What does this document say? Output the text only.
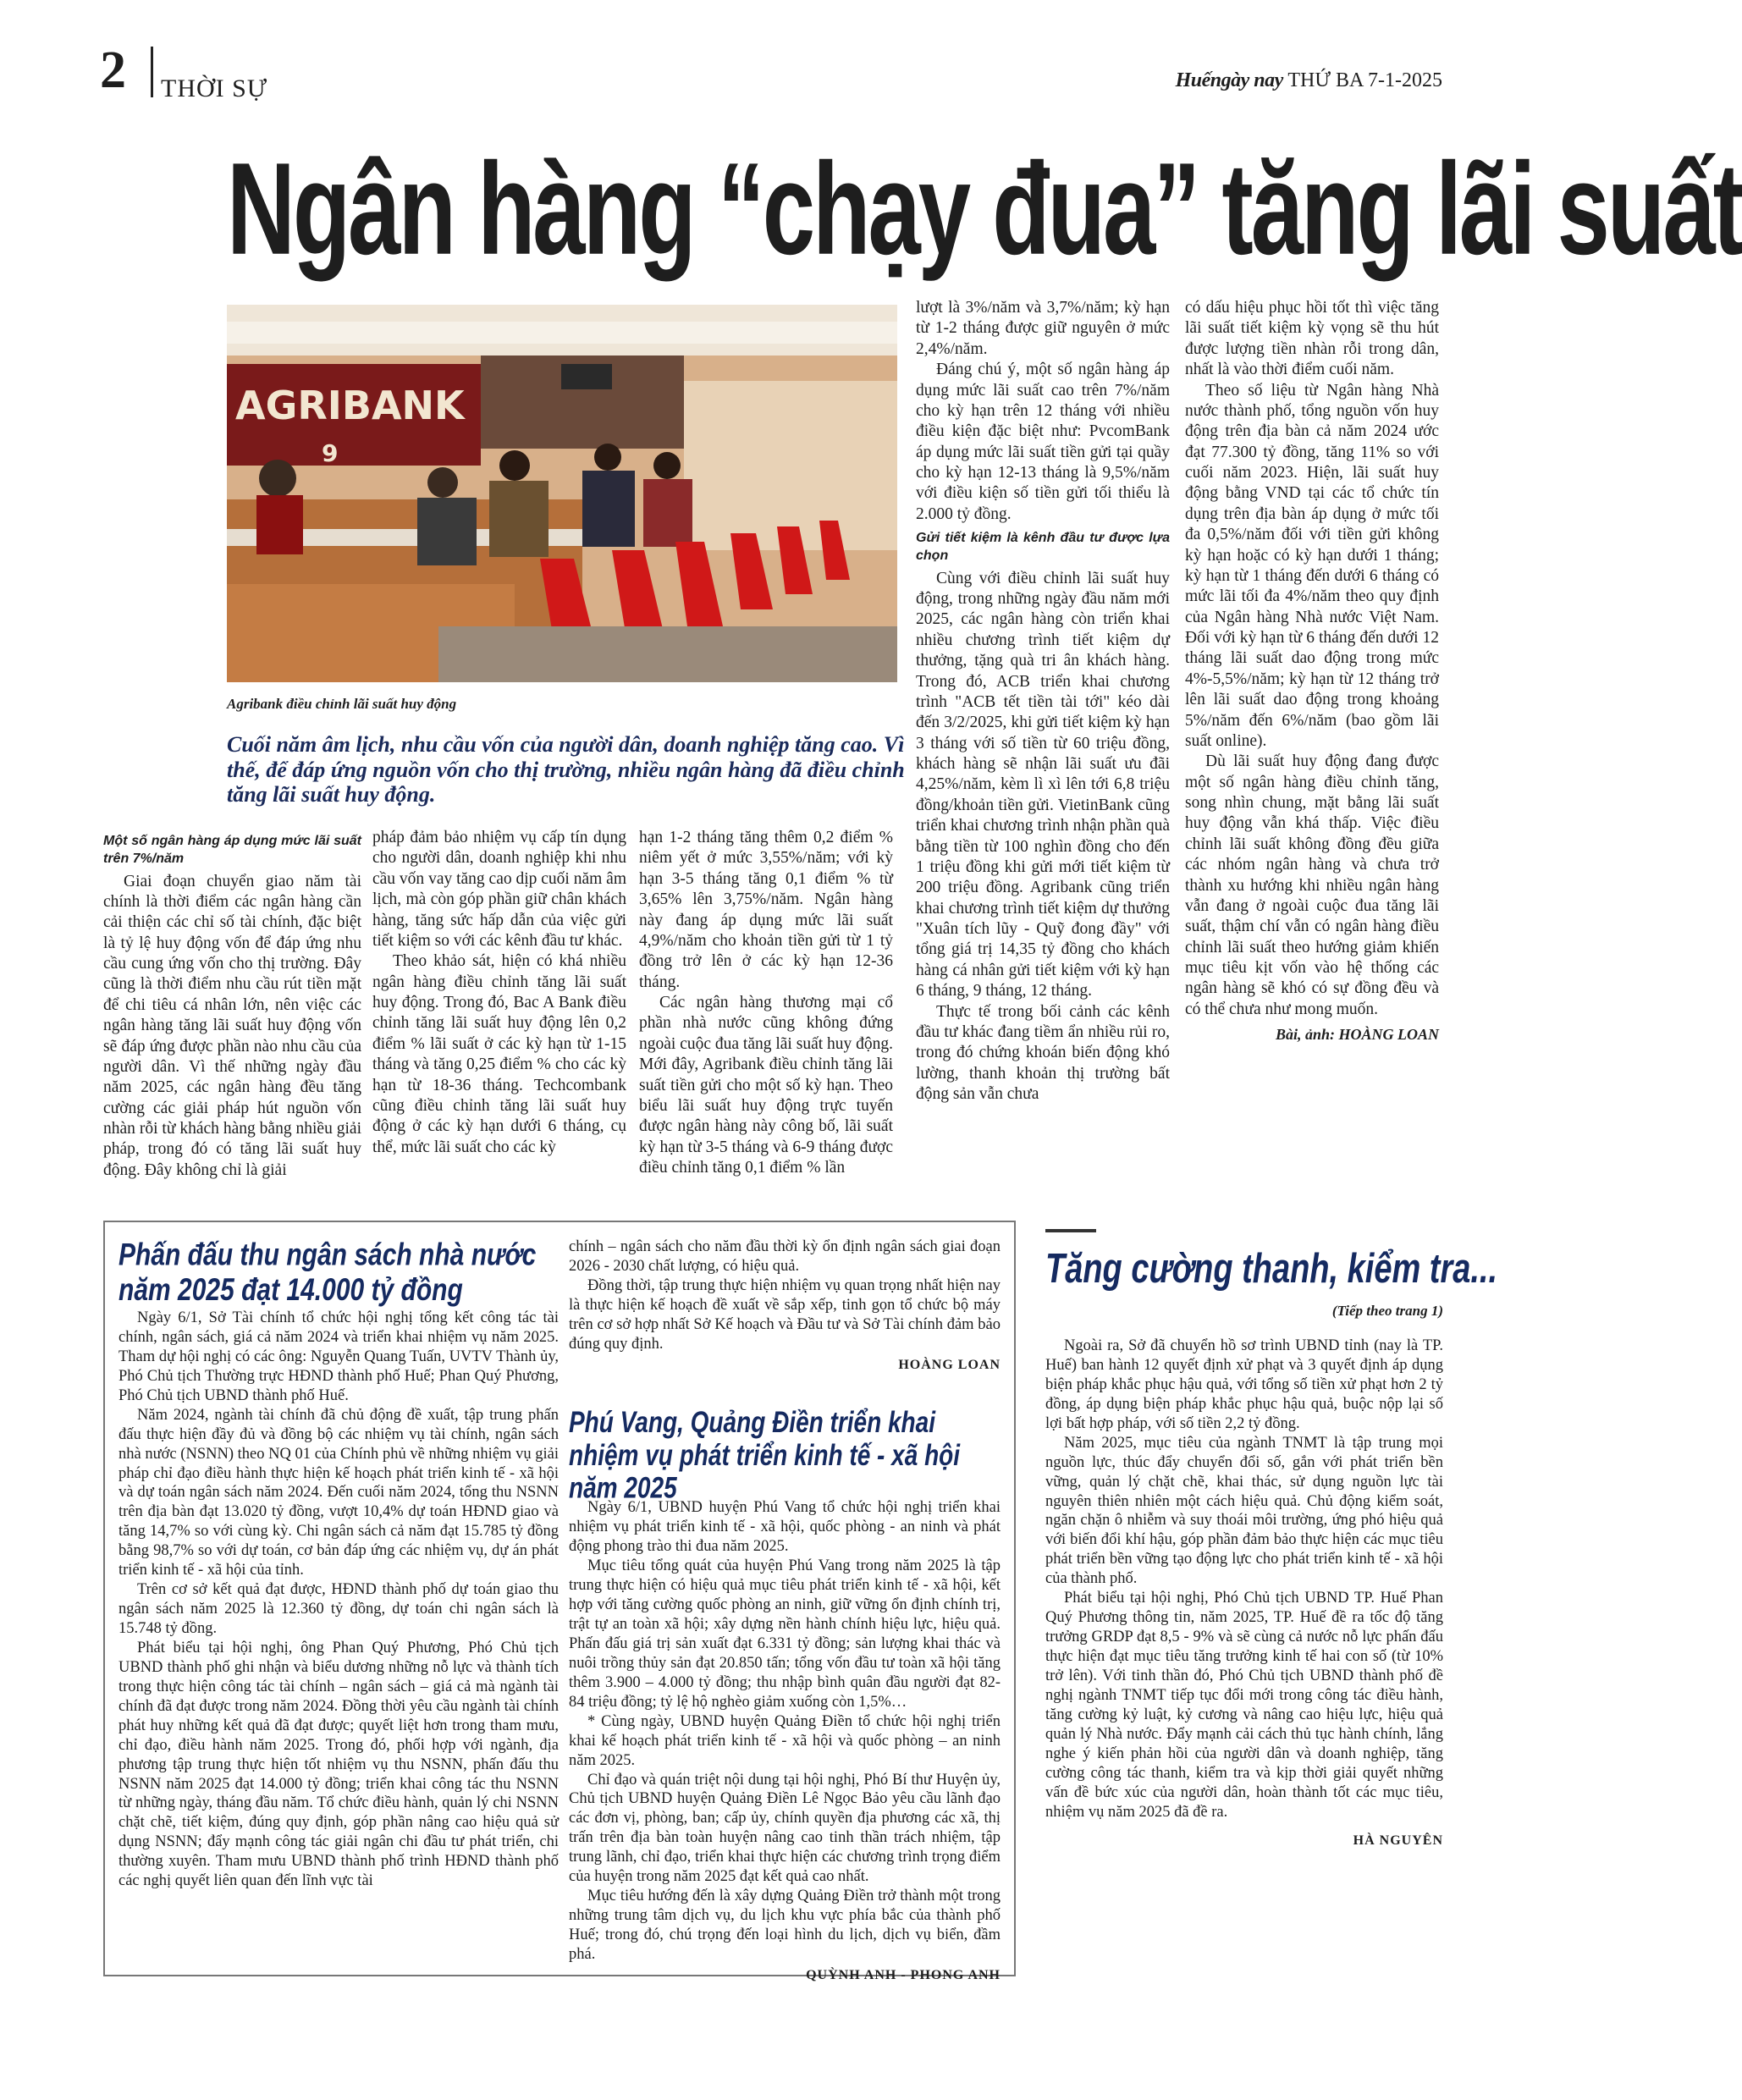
2 THỜI SỰ	Huếngày nay THỨ BA 7-1-2025
Ngân hàng “chạy đua” tăng lãi suất
AGRIBANK
9
Agribank điều chỉnh lãi suất huy động
Cuối năm âm lịch, nhu cầu vốn của người dân, doanh nghiệp tăng cao. Vì thế, để đáp ứng nguồn vốn cho thị trường, nhiều ngân hàng đã điều chỉnh tăng lãi suất huy động.
Một số ngân hàng áp dụng mức lãi suất trên 7%/năm

Giai đoạn chuyển giao năm tài chính là thời điểm các ngân hàng cần cải thiện các chỉ số tài chính, đặc biệt là tỷ lệ huy động vốn để đáp ứng nhu cầu cung ứng vốn cho thị trường. Đây cũng là thời điểm nhu cầu rút tiền mặt để chi tiêu cá nhân lớn, nên việc các ngân hàng tăng lãi suất huy động vốn sẽ đáp ứng được phần nào nhu cầu của người dân. Vì thế những ngày đầu năm 2025, các ngân hàng đều tăng cường các giải pháp hút nguồn vốn nhàn rỗi từ khách hàng bằng nhiều giải pháp, trong đó có tăng lãi suất huy động. Đây không chỉ là giải

pháp đảm bảo nhiệm vụ cấp tín dụng cho người dân, doanh nghiệp khi nhu cầu vốn vay tăng cao dịp cuối năm âm lịch, mà còn góp phần giữ chân khách hàng, tăng sức hấp dẫn của việc gửi tiết kiệm so với các kênh đầu tư khác.

Theo khảo sát, hiện có khá nhiều ngân hàng điều chỉnh tăng lãi suất huy động. Trong đó, Bac A Bank điều chỉnh tăng lãi suất huy động lên 0,2 điểm % lãi suất ở các kỳ hạn từ 1-15 tháng và tăng 0,25 điểm % cho các kỳ hạn từ 18-36 tháng. Techcombank cũng điều chỉnh tăng lãi suất huy động ở các kỳ hạn dưới 6 tháng, cụ thể, mức lãi suất cho các kỳ

hạn 1-2 tháng tăng thêm 0,2 điểm % niêm yết ở mức 3,55%/năm; với kỳ hạn 3-5 tháng tăng 0,1 điểm % từ 3,65% lên 3,75%/năm. Ngân hàng này đang áp dụng mức lãi suất 4,9%/năm cho khoản tiền gửi từ 1 tỷ đồng trở lên ở các kỳ hạn 12-36 tháng.

Các ngân hàng thương mại cổ phần nhà nước cũng không đứng ngoài cuộc đua tăng lãi suất huy động. Mới đây, Agribank điều chỉnh tăng lãi suất tiền gửi cho một số kỳ hạn. Theo biểu lãi suất huy động trực tuyến được ngân hàng này công bố, lãi suất kỳ hạn từ 3-5 tháng và 6-9 tháng được điều chỉnh tăng 0,1 điểm % lần

lượt là 3%/năm và 3,7%/năm; kỳ hạn từ 1-2 tháng được giữ nguyên ở mức 2,4%/năm.

Đáng chú ý, một số ngân hàng áp dụng mức lãi suất cao trên 7%/năm cho kỳ hạn trên 12 tháng với nhiều điều kiện đặc biệt như: PvcomBank áp dụng mức lãi suất tiền gửi tại quầy cho kỳ hạn 12-13 tháng là 9,5%/năm với điều kiện số tiền gửi tối thiểu là 2.000 tỷ đồng.

Gửi tiết kiệm là kênh đầu tư được lựa chọn

Cùng với điều chỉnh lãi suất huy động, trong những ngày đầu năm mới 2025, các ngân hàng còn triển khai nhiều chương trình tiết kiệm dự thưởng, tặng quà tri ân khách hàng. Trong đó, ACB triển khai chương trình "ACB tết tiền tài tới" kéo dài đến 3/2/2025, khi gửi tiết kiệm kỳ hạn 3 tháng với số tiền từ 60 triệu đồng, khách hàng sẽ nhận lãi suất ưu đãi 4,25%/năm, kèm lì xì lên tới 6,8 triệu đồng/khoản tiền gửi. VietinBank cũng triển khai chương trình nhận phần quà bằng tiền từ 100 nghìn đồng cho đến 1 triệu đồng khi gửi mới tiết kiệm từ 200 triệu đồng. Agribank cũng triển khai chương trình tiết kiệm dự thưởng "Xuân tích lũy - Quỹ đong đầy" với tổng giá trị 14,35 tỷ đồng cho khách hàng cá nhân gửi tiết kiệm với kỳ hạn 6 tháng, 9 tháng, 12 tháng.

Thực tế trong bối cảnh các kênh đầu tư khác đang tiềm ẩn nhiều rủi ro, trong đó chứng khoán biến động khó lường, thanh khoản thị trường bất động sản vẫn chưa

có dấu hiệu phục hồi tốt thì việc tăng lãi suất tiết kiệm kỳ vọng sẽ thu hút được lượng tiền nhàn rỗi trong dân, nhất là vào thời điểm cuối năm.

Theo số liệu từ Ngân hàng Nhà nước thành phố, tổng nguồn vốn huy động trên địa bàn cả năm 2024 ước đạt 77.300 tỷ đồng, tăng 11% so với cuối năm 2023. Hiện, lãi suất huy động bằng VND tại các tổ chức tín dụng trên địa bàn áp dụng ở mức tối đa 0,5%/năm đối với tiền gửi không kỳ hạn hoặc có kỳ hạn dưới 1 tháng; kỳ hạn từ 1 tháng đến dưới 6 tháng có mức lãi tối đa 4%/năm theo quy định của Ngân hàng Nhà nước Việt Nam. Đối với kỳ hạn từ 6 tháng đến dưới 12 tháng lãi suất dao động trong mức 4%-5,5%/năm; kỳ hạn từ 12 tháng trở lên lãi suất dao động trong khoảng 5%/năm đến 6%/năm (bao gồm lãi suất online).

Dù lãi suất huy động đang được một số ngân hàng điều chỉnh tăng, song nhìn chung, mặt bằng lãi suất huy động vẫn khá thấp. Việc điều chỉnh lãi suất không đồng đều giữa các nhóm ngân hàng và chưa trở thành xu hướng khi nhiều ngân hàng vẫn đang ở ngoài cuộc đua tăng lãi suất, thậm chí vẫn có ngân hàng điều chỉnh lãi suất theo hướng giảm khiến mục tiêu kịt vốn vào hệ thống các ngân hàng sẽ khó có sự đồng đều và có thể chưa như mong muốn.

Bài, ảnh: HOÀNG LOAN
Phấn đấu thu ngân sách nhà nước năm 2025 đạt 14.000 tỷ đồng

Ngày 6/1, Sở Tài chính tổ chức hội nghị tổng kết công tác tài chính, ngân sách, giá cả năm 2024 và triển khai nhiệm vụ năm 2025. Tham dự hội nghị có các ông: Nguyễn Quang Tuấn, UVTV Thành ủy, Phó Chủ tịch Thường trực HĐND thành phố Huế; Phan Quý Phương, Phó Chủ tịch UBND thành phố Huế.

Năm 2024, ngành tài chính đã chủ động đề xuất, tập trung phấn đấu thực hiện đầy đủ và đồng bộ các nhiệm vụ tài chính, ngân sách nhà nước (NSNN) theo NQ 01 của Chính phủ về những nhiệm vụ giải pháp chỉ đạo điều hành thực hiện kế hoạch phát triển kinh tế - xã hội và dự toán ngân sách năm 2024. Đến cuối năm 2024, tổng thu NSNN trên địa bàn đạt 13.020 tỷ đồng, vượt 10,4% dự toán HĐND giao và tăng 14,7% so với cùng kỳ. Chi ngân sách cả năm đạt 15.785 tỷ đồng bằng 98,7% so với dự toán, cơ bản đáp ứng các nhiệm vụ, dự án phát triển kinh tế - xã hội của tỉnh.

Trên cơ sở kết quả đạt được, HĐND thành phố dự toán giao thu ngân sách năm 2025 là 12.360 tỷ đồng, dự toán chi ngân sách là 15.748 tỷ đồng.

Phát biểu tại hội nghị, ông Phan Quý Phương, Phó Chủ tịch UBND thành phố ghi nhận và biểu dương những nỗ lực và thành tích trong thực hiện công tác tài chính – ngân sách – giá cả mà ngành tài chính đã đạt được trong năm 2024. Đồng thời yêu cầu ngành tài chính phát huy những kết quả đã đạt được; quyết liệt hơn trong tham mưu, chỉ đạo, điều hành năm 2025. Trong đó, phối hợp với ngành, địa phương tập trung thực hiện tốt nhiệm vụ thu NSNN, phấn đấu thu NSNN năm 2025 đạt 14.000 tỷ đồng; triển khai công tác thu NSNN từ những ngày, tháng đầu năm. Tổ chức điều hành, quản lý chi NSNN chặt chẽ, tiết kiệm, đúng quy định, góp phần nâng cao hiệu quả sử dụng NSNN; đẩy mạnh công tác giải ngân chi đầu tư phát triển, chi thường xuyên. Tham mưu UBND thành phố trình HĐND thành phố các nghị quyết liên quan đến lĩnh vực tài

chính – ngân sách cho năm đầu thời kỳ ổn định ngân sách giai đoạn 2026 - 2030 chất lượng, có hiệu quả.

Đồng thời, tập trung thực hiện nhiệm vụ quan trọng nhất hiện nay là thực hiện kế hoạch đề xuất về sắp xếp, tinh gọn tổ chức bộ máy trên cơ sở hợp nhất Sở Kế hoạch và Đầu tư và Sở Tài chính đảm bảo đúng quy định.

HOÀNG LOAN
Phú Vang, Quảng Điền triển khai nhiệm vụ phát triển kinh tế - xã hội năm 2025

Ngày 6/1, UBND huyện Phú Vang tổ chức hội nghị triển khai nhiệm vụ phát triển kinh tế - xã hội, quốc phòng - an ninh và phát động phong trào thi đua năm 2025.

Mục tiêu tổng quát của huyện Phú Vang trong năm 2025 là tập trung thực hiện có hiệu quả mục tiêu phát triển kinh tế - xã hội, kết hợp với tăng cường quốc phòng an ninh, giữ vững ổn định chính trị, trật tự an toàn xã hội; xây dựng nền hành chính hiệu lực, hiệu quả. Phấn đấu giá trị sản xuất đạt 6.331 tỷ đồng; sản lượng khai thác và nuôi trồng thủy sản đạt 20.850 tấn; tổng vốn đầu tư toàn xã hội tăng thêm 3.900 – 4.000 tỷ đồng; thu nhập bình quân đầu người đạt 82-84 triệu đồng; tỷ lệ hộ nghèo giảm xuống còn 1,5%…

* Cùng ngày, UBND huyện Quảng Điền tổ chức hội nghị triển khai kế hoạch phát triển kinh tế - xã hội và quốc phòng – an ninh năm 2025.

Chỉ đạo và quán triệt nội dung tại hội nghị, Phó Bí thư Huyện ủy, Chủ tịch UBND huyện Quảng Điền Lê Ngọc Bảo yêu cầu lãnh đạo các đơn vị, phòng, ban; cấp ủy, chính quyền địa phương các xã, thị trấn trên địa bàn toàn huyện nâng cao tinh thần trách nhiệm, tập trung lãnh, chỉ đạo, triển khai thực hiện các chương trình trọng điểm của huyện trong năm 2025 đạt kết quả cao nhất.

Mục tiêu hướng đến là xây dựng Quảng Điền trở thành một trong những trung tâm dịch vụ, du lịch khu vực phía bắc của thành phố Huế; trong đó, chú trọng đến loại hình du lịch, dịch vụ biển, đầm phá.

QUỲNH ANH - PHONG ANH
Tăng cường thanh, kiểm tra...
(Tiếp theo trang 1)

Ngoài ra, Sở đã chuyển hồ sơ trình UBND tỉnh (nay là TP. Huế) ban hành 12 quyết định xử phạt và 3 quyết định áp dụng biện pháp khắc phục hậu quả, với tổng số tiền xử phạt hơn 2 tỷ đồng, áp dụng biện pháp khắc phục hậu quả, buộc nộp lại số lợi bất hợp pháp, với số tiền 2,2 tỷ đồng.

Năm 2025, mục tiêu của ngành TNMT là tập trung mọi nguồn lực, thúc đẩy chuyển đổi số, gắn với phát triển bền vững, quản lý chặt chẽ, khai thác, sử dụng nguồn lực tài nguyên thiên nhiên một cách hiệu quả. Chủ động kiểm soát, ngăn chặn ô nhiễm và suy thoái môi trường, ứng phó hiệu quả với biến đổi khí hậu, góp phần đảm bảo thực hiện các mục tiêu phát triển bền vững tạo động lực cho phát triển kinh tế - xã hội của thành phố.

Phát biểu tại hội nghị, Phó Chủ tịch UBND TP. Huế Phan Quý Phương thông tin, năm 2025, TP. Huế đề ra tốc độ tăng trưởng GRDP đạt 8,5 - 9% và sẽ cùng cả nước nỗ lực phấn đấu thực hiện đạt mục tiêu tăng trưởng kinh tế hai con số (từ 10% trở lên). Với tinh thần đó, Phó Chủ tịch UBND thành phố đề nghị ngành TNMT tiếp tục đổi mới trong công tác điều hành, tăng cường kỷ luật, kỷ cương và nâng cao hiệu lực, hiệu quả quản lý Nhà nước. Đẩy mạnh cải cách thủ tục hành chính, lắng nghe ý kiến phản hồi của người dân và doanh nghiệp, tăng cường công tác thanh, kiểm tra và kịp thời giải quyết những vấn đề bức xúc của người dân, hoàn thành tốt các mục tiêu, nhiệm vụ năm 2025 đã đề ra.

HÀ NGUYÊN
